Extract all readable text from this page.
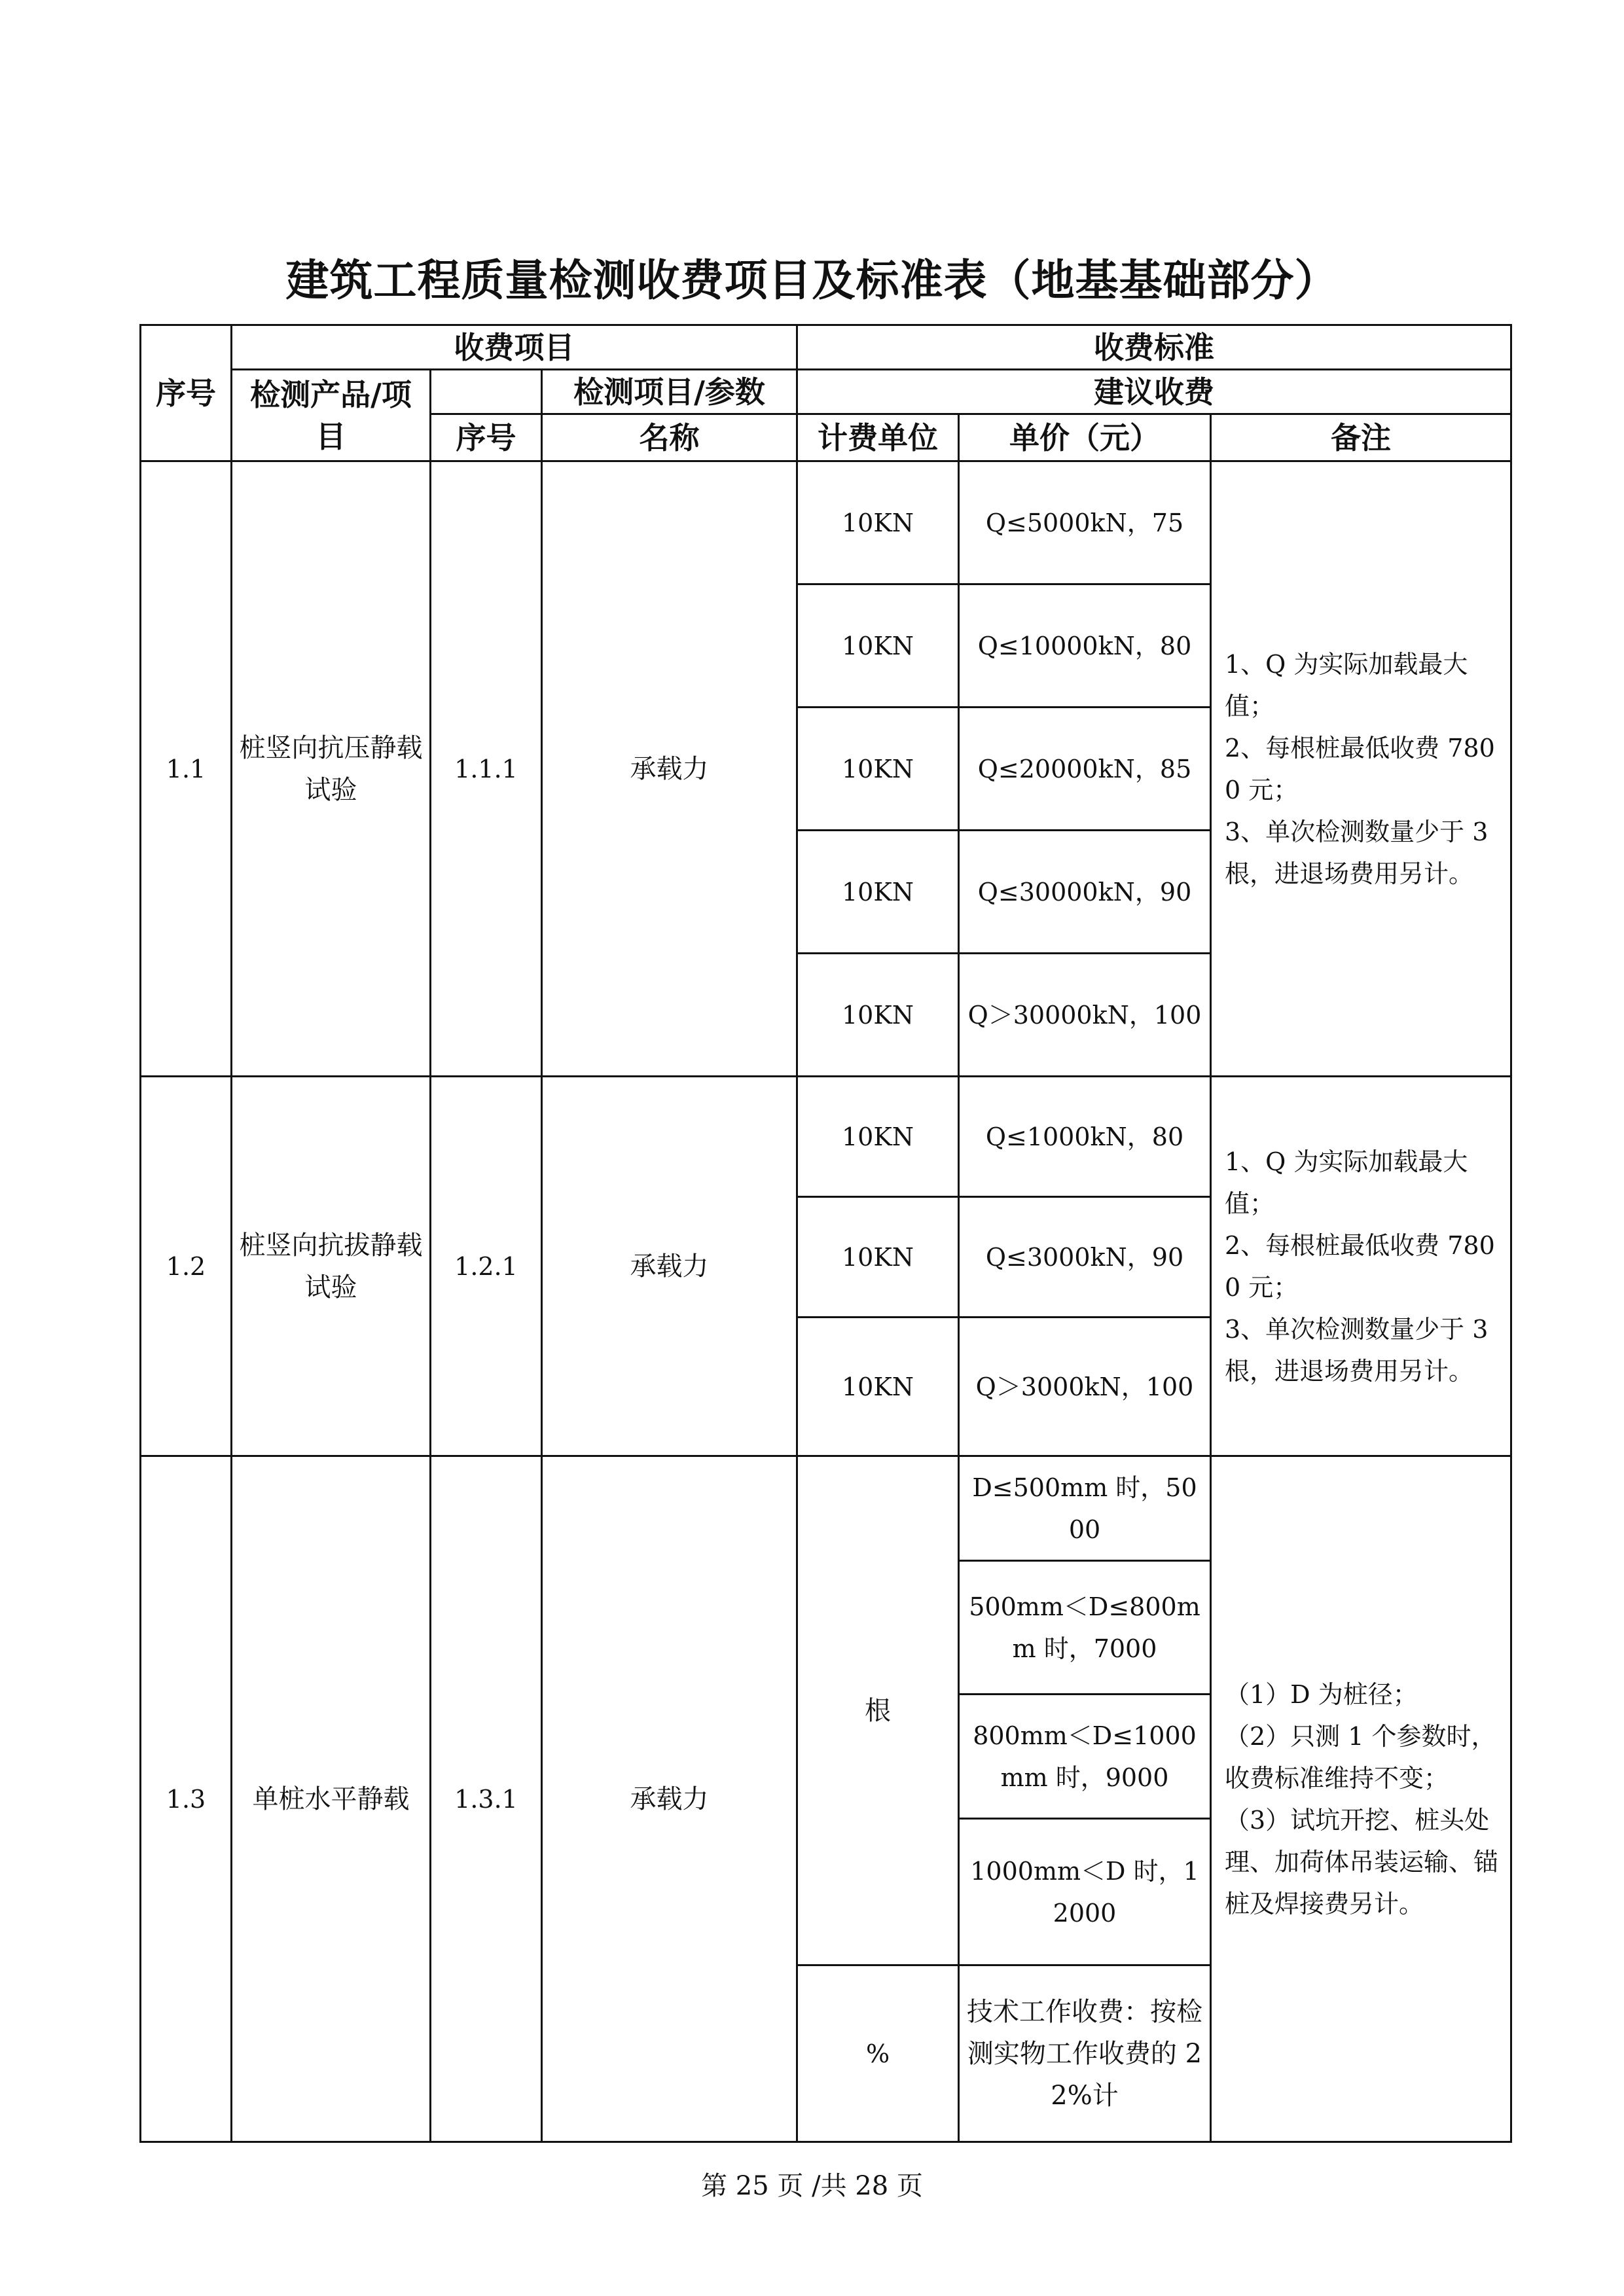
建筑工程质量检测收费项目及标准表（地基基础部分）
序号	收费项目			收费标准		
	检测产品/项目		检测项目/参数	建议收费		
		序号	名称	计费单位	单价（元）	备注
1.1	桩竖向抗压静载试验	1.1.1	承载力	10KN	Q≤5000kN，75	1、Q 为实际加载最大值；
2、每根桩最低收费 7800 元；
3、单次检测数量少于 3 根，进退场费用另计。

				10KN	Q≤10000kN，80	
				10KN	Q≤20000kN，85	
				10KN	Q≤30000kN，90	
				10KN	Q＞30000kN，100	
1.2	桩竖向抗拔静载试验	1.2.1	承载力	10KN	Q≤1000kN，80	1、Q 为实际加载最大值；
2、每根桩最低收费 7800 元；
3、单次检测数量少于 3 根，进退场费用另计。

				10KN	Q≤3000kN，90	
				10KN	Q＞3000kN，100	
1.3	单桩水平静载	1.3.1	承载力	根	D≤500mm 时，5000	（1）D 为桩径；
（2）只测 1 个参数时，收费标准维持不变；
（3）试坑开挖、桩头处理、加荷体吊装运输、锚桩及焊接费另计。

					500mm＜D≤800mm 时，7000	
					800mm＜D≤1000mm 时，9000	
					1000mm＜D 时，12000	
				%	技术工作收费：按检测实物工作收费的 22%计	
第 25 页 /共 28 页
